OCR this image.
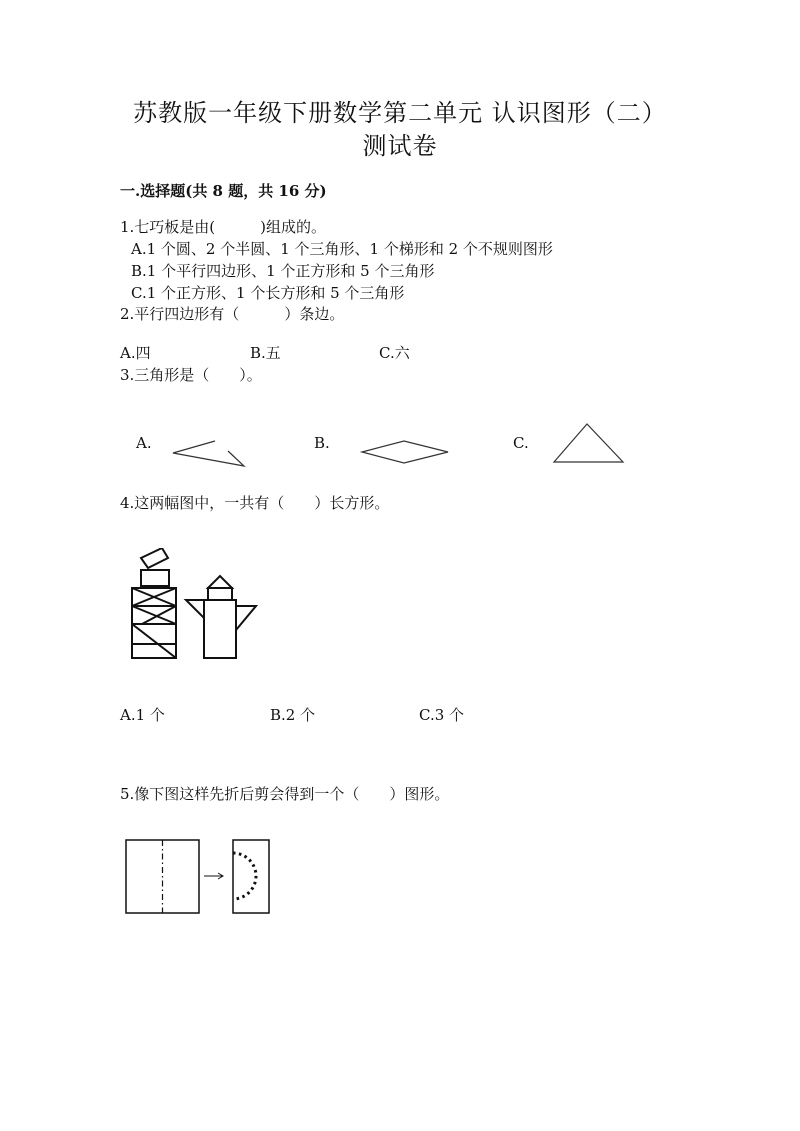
苏教版一年级下册数学第二单元 认识图形（二）
测试卷
一.选择题(共 8 题，共 16 分)
1.七巧板是由(　　　)组成的。
A.1 个圆、2 个半圆、1 个三角形、1 个梯形和 2 个不规则图形
B.1 个平行四边形、1 个正方形和 5 个三角形
C.1 个正方形、1 个长方形和 5 个三角形
2.平行四边形有（　　　）条边。
A.四	B.五	C.六
3.三角形是（　　）。
A.	B.	C.
4.这两幅图中，一共有（　　）长方形。
A.1 个	B.2 个	C.3 个
5.像下图这样先折后剪会得到一个（　　）图形。
